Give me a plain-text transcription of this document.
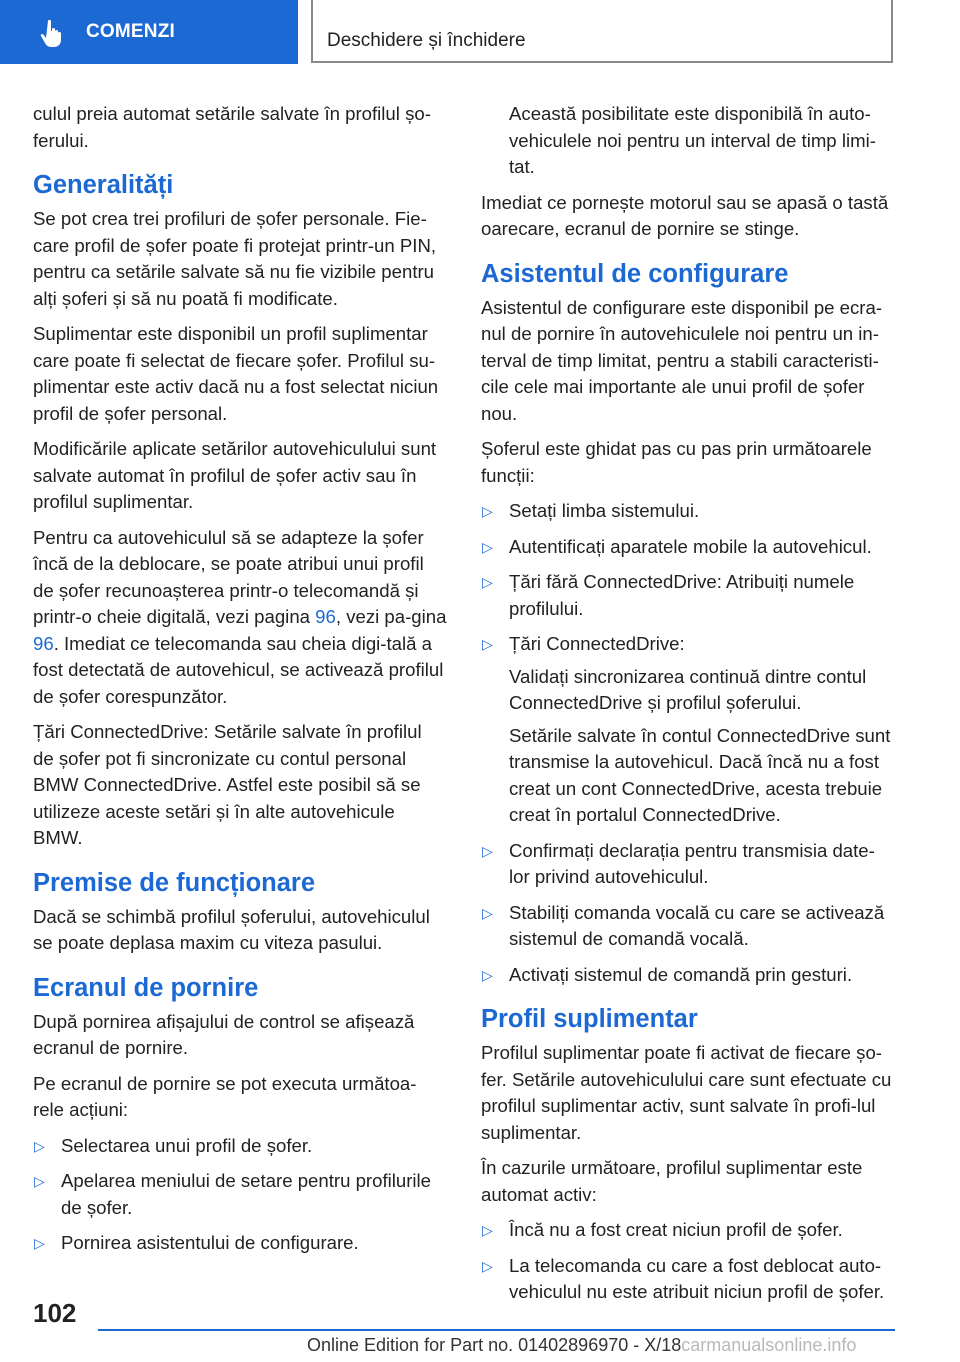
COMENZI	Deschidere și închidere

culul preia automat setările salvate în profilul șo-ferului.

Generalități

Se pot crea trei profiluri de șofer personale. Fie-care profil de șofer poate fi protejat printr-un PIN, pentru ca setările salvate să nu fie vizibile pentru alți șoferi și să nu poată fi modificate.

Suplimentar este disponibil un profil suplimentar care poate fi selectat de fiecare șofer. Profilul su-plimentar este activ dacă nu a fost selectat niciun profil de șofer personal.

Modificările aplicate setărilor autovehiculului sunt salvate automat în profilul de șofer activ sau în profilul suplimentar.

Pentru ca autovehiculul să se adapteze la șofer încă de la deblocare, se poate atribui unui profil de șofer recunoașterea printr-o telecomandă și printr-o cheie digitală, vezi pagina 96, vezi pa-gina 96. Imediat ce telecomanda sau cheia digi-tală a fost detectată de autovehicul, se activează profilul de șofer corespunzător.

Țări ConnectedDrive: Setările salvate în profilul de șofer pot fi sincronizate cu contul personal BMW ConnectedDrive. Astfel este posibil să se utilizeze aceste setări și în alte autovehicule BMW.

Premise de funcționare

Dacă se schimbă profilul șoferului, autovehiculul se poate deplasa maxim cu viteza pasului.

Ecranul de pornire

După pornirea afișajului de control se afișează ecranul de pornire.

Pe ecranul de pornire se pot executa următoa-rele acțiuni:

▷ Selectarea unui profil de șofer.
▷ Apelarea meniului de setare pentru profilurile de șofer.
▷ Pornirea asistentului de configurare.

Această posibilitate este disponibilă în auto-vehiculele noi pentru un interval de timp limi-tat.

Imediat ce pornește motorul sau se apasă o tastă oarecare, ecranul de pornire se stinge.

Asistentul de configurare

Asistentul de configurare este disponibil pe ecra-nul de pornire în autovehiculele noi pentru un in-terval de timp limitat, pentru a stabili caracteristi-cile cele mai importante ale unui profil de șofer nou.

Șoferul este ghidat pas cu pas prin următoarele funcții:

▷ Setați limba sistemului.
▷ Autentificați aparatele mobile la autovehicul.
▷ Țări fără ConnectedDrive: Atribuiți numele profilului.
▷ Țări ConnectedDrive:

Validați sincronizarea continuă dintre contul ConnectedDrive și profilul șoferului.

Setările salvate în contul ConnectedDrive sunt transmise la autovehicul. Dacă încă nu a fost creat un cont ConnectedDrive, acesta trebuie creat în portalul ConnectedDrive.

▷ Confirmați declarația pentru transmisia date-lor privind autovehiculul.
▷ Stabiliți comanda vocală cu care se activează sistemul de comandă vocală.
▷ Activați sistemul de comandă prin gesturi.
Profil suplimentar

Profilul suplimentar poate fi activat de fiecare șo-fer. Setările autovehiculului care sunt efectuate cu profilul suplimentar activ, sunt salvate în profi-lul suplimentar.

În cazurile următoare, profilul suplimentar este automat activ:

▷ Încă nu a fost creat niciun profil de șofer.
▷ La telecomanda cu care a fost deblocat auto-vehiculul nu este atribuit niciun profil de șofer.
102
Online Edition for Part no. 01402896970 - X/18carmanualsonline.info
